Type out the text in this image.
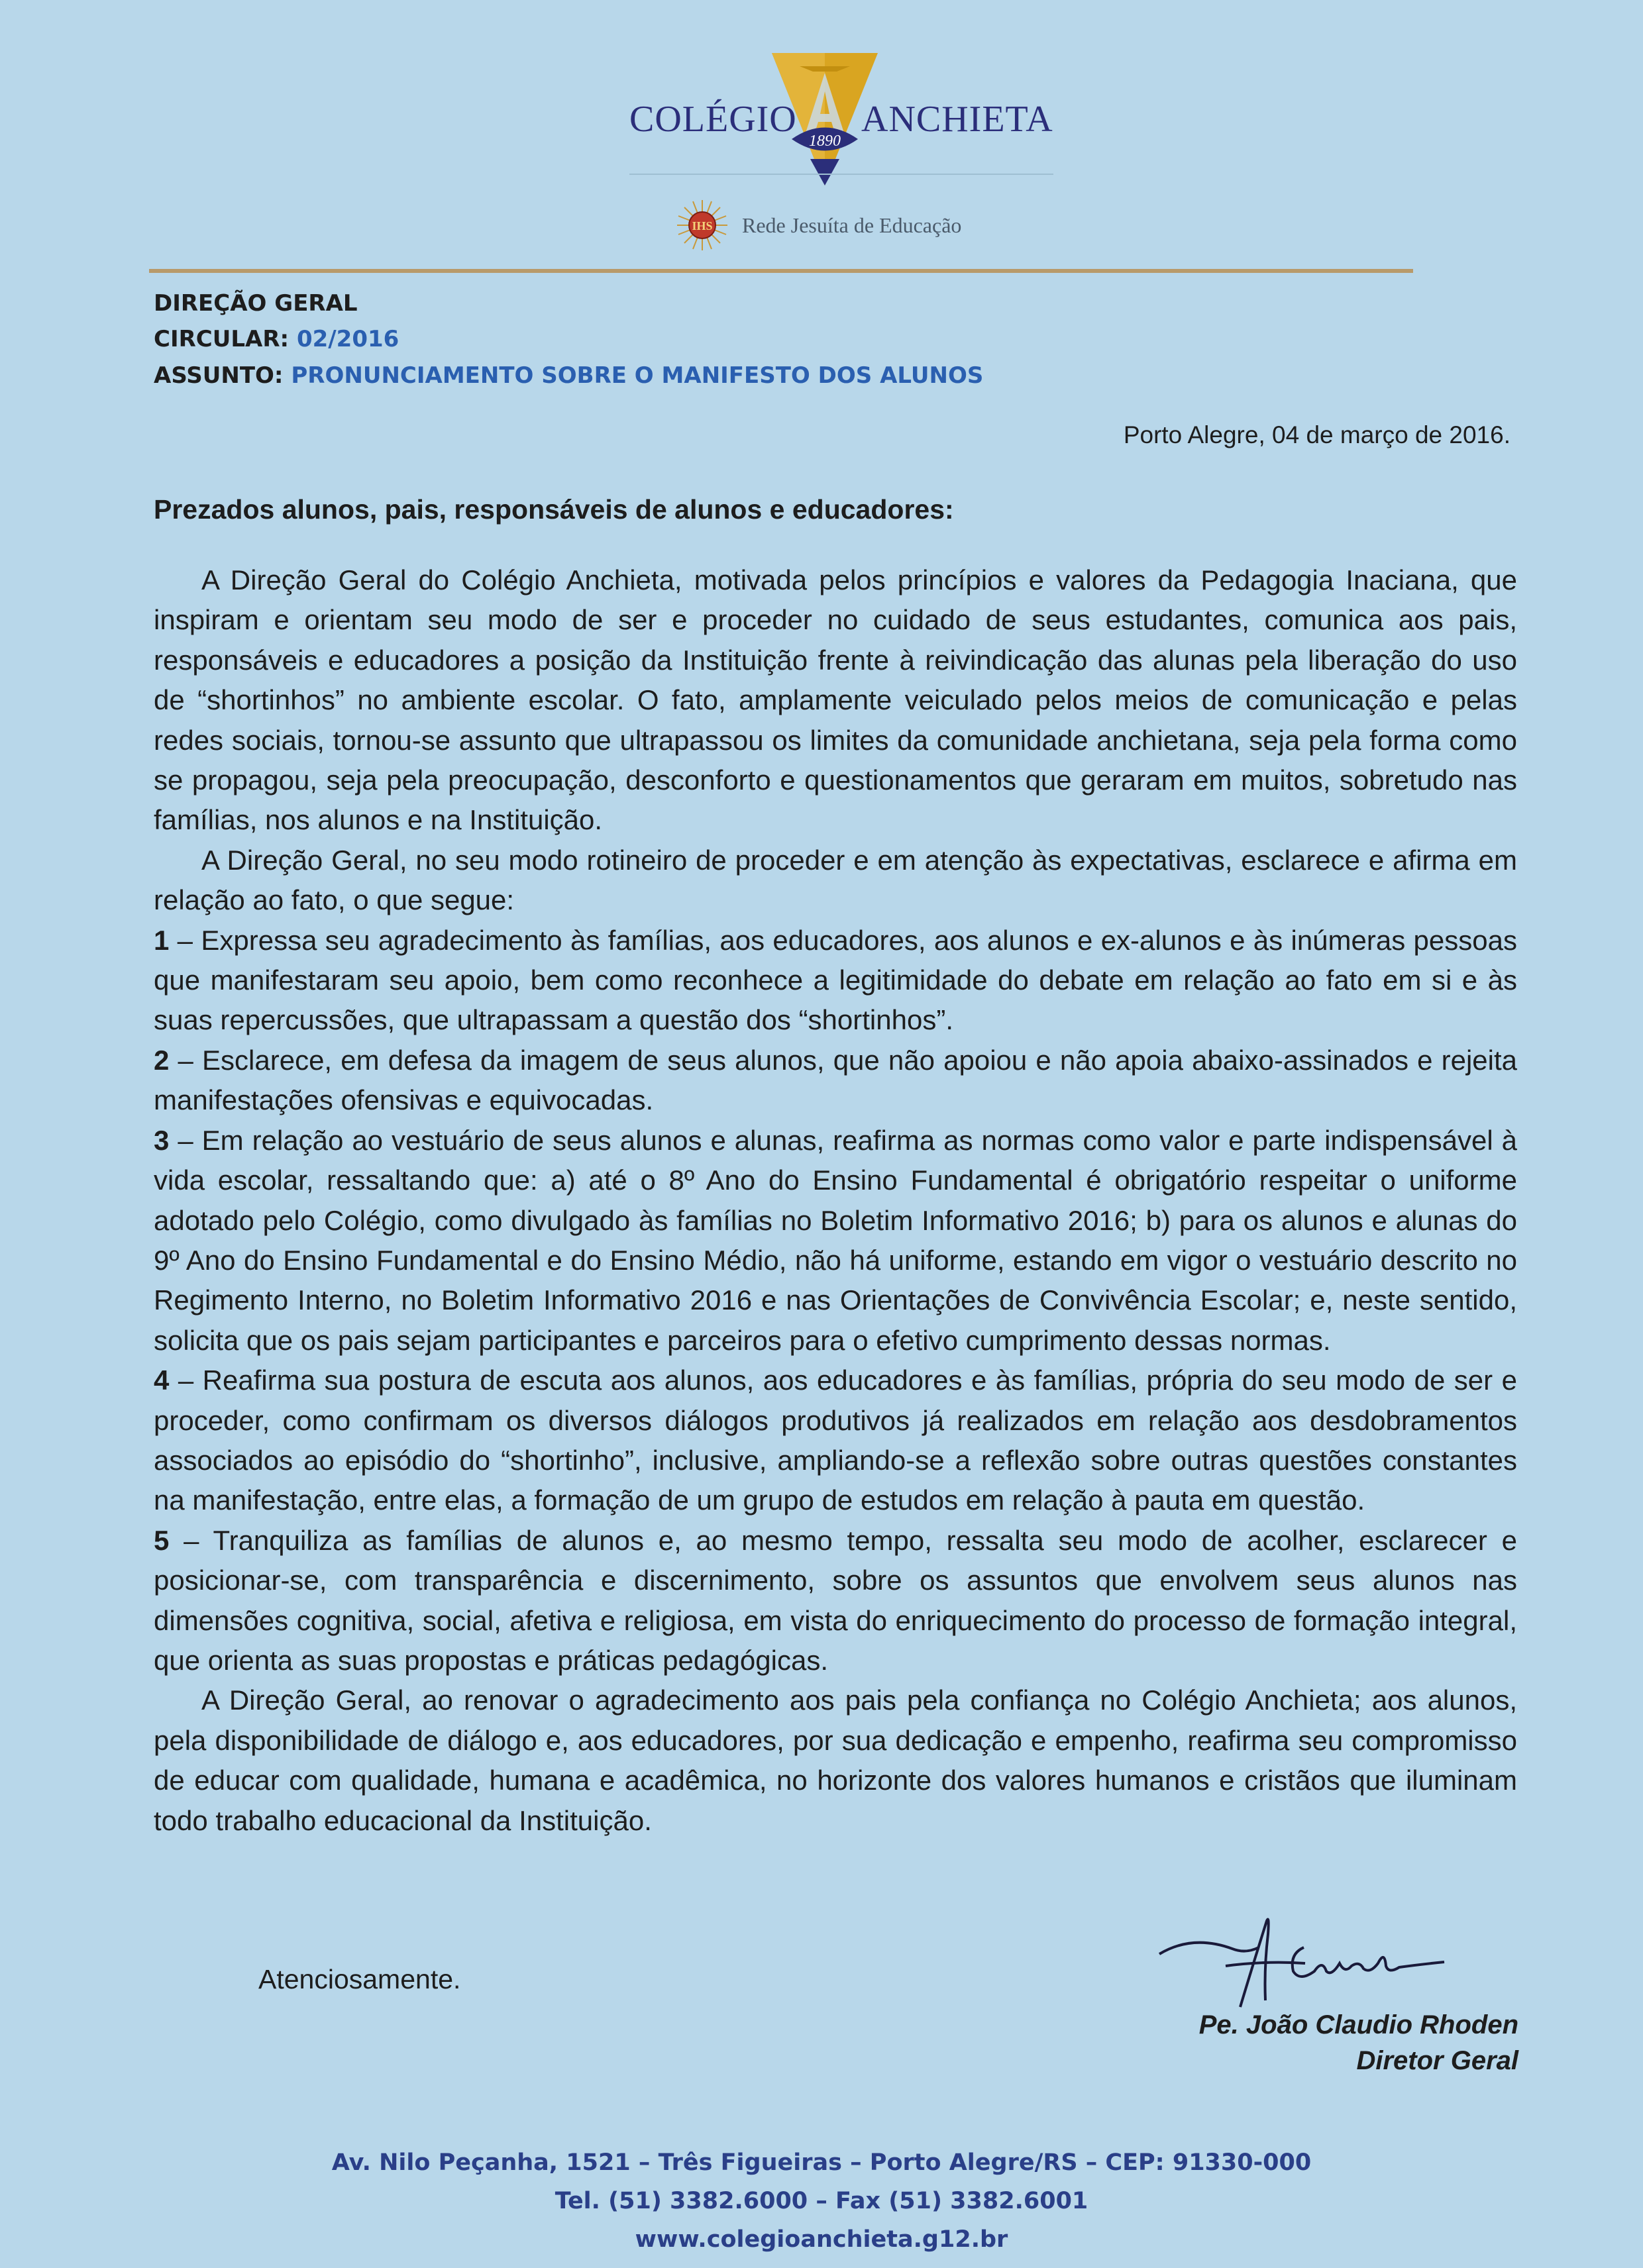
COLÉGIO
1890
ANCHIETA
IHS Rede Jesuíta de Educação
DIREÇÃO GERAL
CIRCULAR: 02/2016
ASSUNTO: PRONUNCIAMENTO SOBRE O MANIFESTO DOS ALUNOS
Porto Alegre, 04 de março de 2016.
Prezados alunos, pais, responsáveis de alunos e educadores:

A Direção Geral do Colégio Anchieta, motivada pelos princípios e valores da Pedagogia Inaciana, que inspiram e orientam seu modo de ser e proceder no cuidado de seus estudantes, comunica aos pais, responsáveis e educadores a posição da Instituição frente à reivindicação das alunas pela liberação do uso de “shortinhos” no ambiente escolar. O fato, amplamente veiculado pelos meios de comunicação e pelas redes sociais, tornou-se assunto que ultrapassou os limites da comunidade anchietana, seja pela forma como se propagou, seja pela preocupação, desconforto e questionamentos que geraram em muitos, sobretudo nas famílias, nos alunos e na Instituição.

A Direção Geral, no seu modo rotineiro de proceder e em atenção às expectativas, esclarece e afirma em relação ao fato, o que segue:

1 – Expressa seu agradecimento às famílias, aos educadores, aos alunos e ex-alunos e às inúmeras pessoas que manifestaram seu apoio, bem como reconhece a legitimidade do debate em relação ao fato em si e às suas repercussões, que ultrapassam a questão dos “shortinhos”.

2 – Esclarece, em defesa da imagem de seus alunos, que não apoiou e não apoia abaixo-assinados e rejeita manifestações ofensivas e equivocadas.

3 – Em relação ao vestuário de seus alunos e alunas, reafirma as normas como valor e parte indispensável à vida escolar, ressaltando que: a) até o 8º Ano do Ensino Fundamental é obrigatório respeitar o uniforme adotado pelo Colégio, como divulgado às famílias no Boletim Informativo 2016; b) para os alunos e alunas do 9º Ano do Ensino Fundamental e do Ensino Médio, não há uniforme, estando em vigor o vestuário descrito no Regimento Interno, no Boletim Informativo 2016 e nas Orientações de Convivência Escolar; e, neste sentido, solicita que os pais sejam participantes e parceiros para o efetivo cumprimento dessas normas.

4 – Reafirma sua postura de escuta aos alunos, aos educadores e às famílias, própria do seu modo de ser e proceder, como confirmam os diversos diálogos produtivos já realizados em relação aos desdobramentos associados ao episódio do “shortinho”, inclusive, ampliando-se a reflexão sobre outras questões constantes na manifestação, entre elas, a formação de um grupo de estudos em relação à pauta em questão.

5 – Tranquiliza as famílias de alunos e, ao mesmo tempo, ressalta seu modo de acolher, esclarecer e posicionar-se, com transparência e discernimento, sobre os assuntos que envolvem seus alunos nas dimensões cognitiva, social, afetiva e religiosa, em vista do enriquecimento do processo de formação integral, que orienta as suas propostas e práticas pedagógicas.

A Direção Geral, ao renovar o agradecimento aos pais pela confiança no Colégio Anchieta; aos alunos, pela disponibilidade de diálogo e, aos educadores, por sua dedicação e empenho, reafirma seu compromisso de educar com qualidade, humana e acadêmica, no horizonte dos valores humanos e cristãos que iluminam todo trabalho educacional da Instituição.

Atenciosamente.
Pe. João Claudio Rhoden
Diretor Geral
Av. Nilo Peçanha, 1521 – Três Figueiras – Porto Alegre/RS – CEP: 91330-000
Tel. (51) 3382.6000 – Fax (51) 3382.6001
www.colegioanchieta.g12.br
